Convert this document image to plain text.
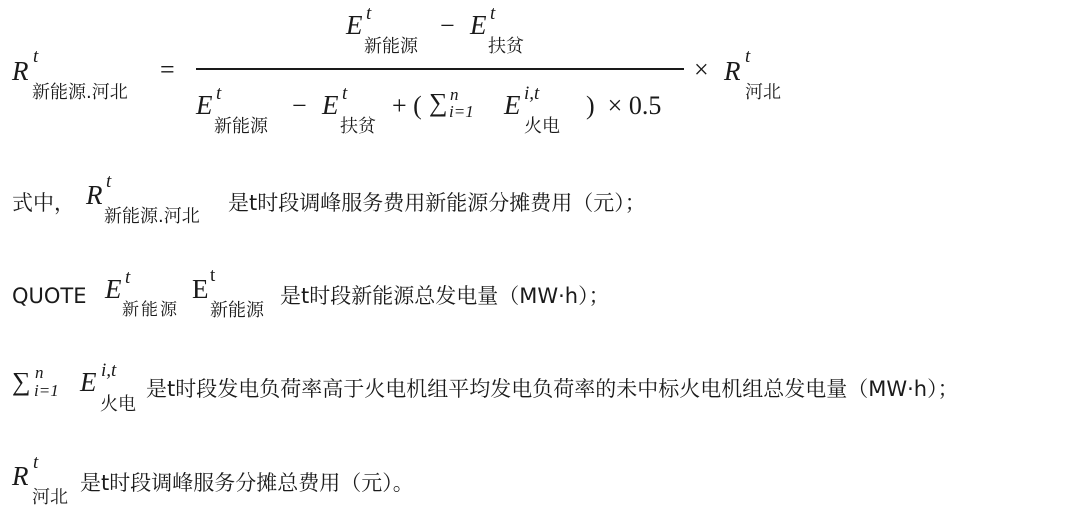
R t
新能源.河北
=
E t
新能源
− E t
扶贫
E t
新能源
− E t
扶贫
+ ( ∑ n
i=1 E i,t
火电
)  × 0.5
× R t
河北
式中， R t
新能源.河北
是t时段调峰服务费用新能源分摊费用（元）；
QUOTE E t
新能源
E t
新能源
是t时段新能源总发电量（MW·h）；
∑ n
i=1 E i,t
火电
是t时段发电负荷率高于火电机组平均发电负荷率的未中标火电机组总发电量（MW·h）；
R t
河北
是t时段调峰服务分摊总费用（元）。
